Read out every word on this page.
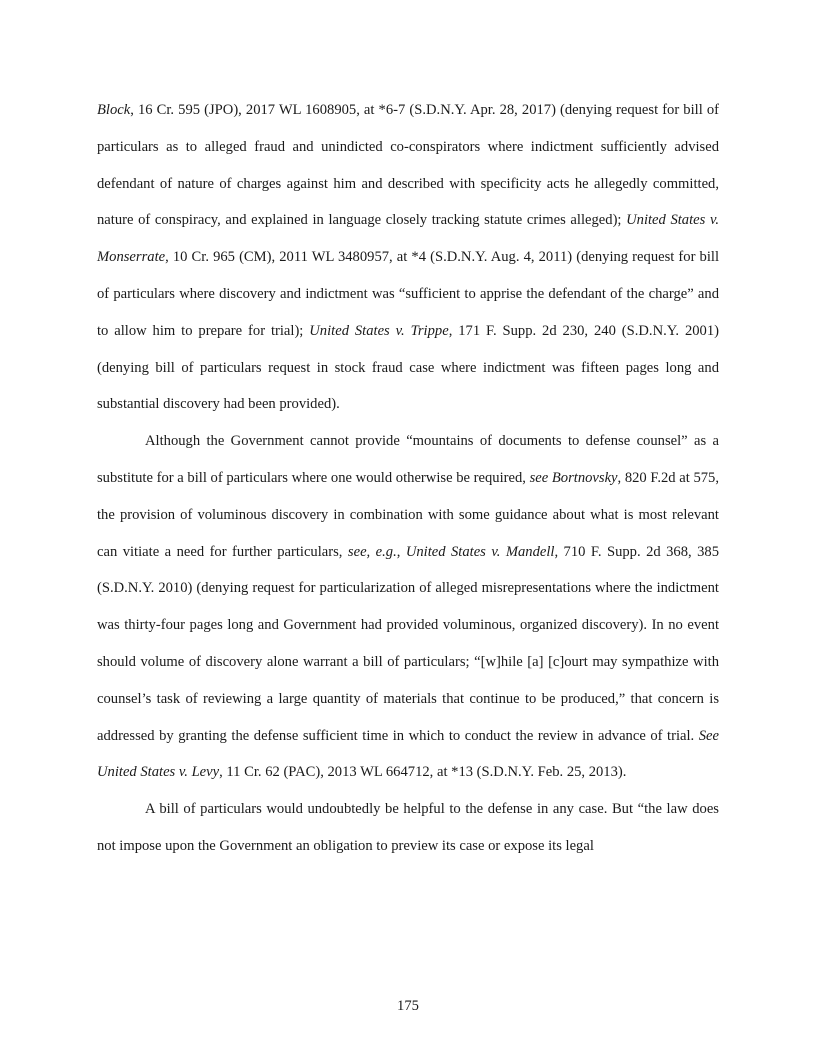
Block, 16 Cr. 595 (JPO), 2017 WL 1608905, at *6-7 (S.D.N.Y. Apr. 28, 2017) (denying request for bill of particulars as to alleged fraud and unindicted co-conspirators where indictment sufficiently advised defendant of nature of charges against him and described with specificity acts he allegedly committed, nature of conspiracy, and explained in language closely tracking statute crimes alleged); United States v. Monserrate, 10 Cr. 965 (CM), 2011 WL 3480957, at *4 (S.D.N.Y. Aug. 4, 2011) (denying request for bill of particulars where discovery and indictment was “sufficient to apprise the defendant of the charge” and to allow him to prepare for trial); United States v. Trippe, 171 F. Supp. 2d 230, 240 (S.D.N.Y. 2001) (denying bill of particulars request in stock fraud case where indictment was fifteen pages long and substantial discovery had been provided).

Although the Government cannot provide “mountains of documents to defense counsel” as a substitute for a bill of particulars where one would otherwise be required, see Bortnovsky, 820 F.2d at 575, the provision of voluminous discovery in combination with some guidance about what is most relevant can vitiate a need for further particulars, see, e.g., United States v. Mandell, 710 F. Supp. 2d 368, 385 (S.D.N.Y. 2010) (denying request for particularization of alleged misrepresentations where the indictment was thirty-four pages long and Government had provided voluminous, organized discovery). In no event should volume of discovery alone warrant a bill of particulars; “[w]hile [a] [c]ourt may sympathize with counsel’s task of reviewing a large quantity of materials that continue to be produced,” that concern is addressed by granting the defense sufficient time in which to conduct the review in advance of trial. See United States v. Levy, 11 Cr. 62 (PAC), 2013 WL 664712, at *13 (S.D.N.Y. Feb. 25, 2013).

A bill of particulars would undoubtedly be helpful to the defense in any case. But “the law does not impose upon the Government an obligation to preview its case or expose its legal

175
